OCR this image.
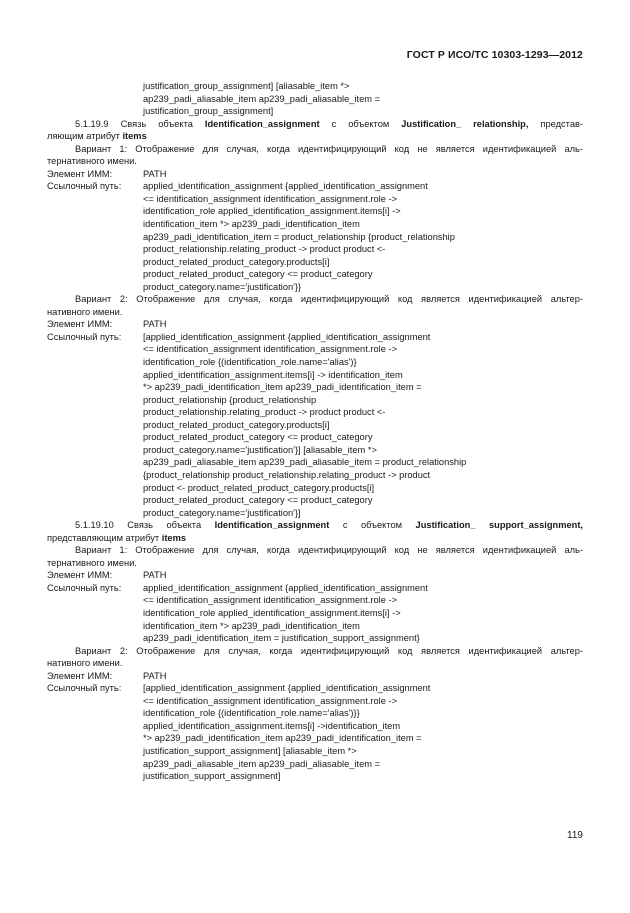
ГОСТ Р ИСО/ТС 10303-1293—2012
justification_group_assignment] [aliasable_item *>
ap239_padi_aliasable_item ap239_padi_aliasable_item =
justification_group_assignment]
5.1.19.9 Связь объекта Identification_assignment с объектом Justification_ relationship, представ-
ляющим атрибут items
Вариант 1: Отображение для случая, когда идентифицирующий код не является идентификацией аль-
тернативного имени.
Элемент ИММ:	PATH
Ссылочный путь:	applied_identification_assignment {applied_identification_assignment
<= identification_assignment identification_assignment.role ->
identification_role applied_identification_assignment.items[i] ->
identification_item *> ap239_padi_identification_item
ap239_padi_identification_item = product_relationship {product_relationship
product_relationship.relating_product -> product product <-
product_related_product_category.products[i]
product_related_product_category <= product_category
product_category.name='justification'}}
Вариант 2: Отображение для случая, когда идентифицирующий код является идентификацией альтер-
нативного имени.
Элемент ИММ:	PATH
Ссылочный путь:	[applied_identification_assignment {applied_identification_assignment
<= identification_assignment identification_assignment.role ->
identification_role {(identification_role.name='alias')}
applied_identification_assignment.items[i] -> identification_item
*> ap239_padi_identification_item ap239_padi_identification_item =
product_relationship {product_relationship
product_relationship.relating_product -> product product <-
product_related_product_category.products[i]
product_related_product_category <= product_category
product_category.name='justification'}] [aliasable_item *>
ap239_padi_aliasable_item ap239_padi_aliasable_item = product_relationship
{product_relationship product_relationship.relating_product -> product
product <- product_related_product_category.products[i]
product_related_product_category <= product_category
product_category.name='justification'}]
5.1.19.10 Связь объекта Identification_assignment с объектом Justification_ support_assignment,
представляющим атрибут items
Вариант 1: Отображение для случая, когда идентифицирующий код не является идентификацией аль-
тернативного имени.
Элемент ИММ:	PATH
Ссылочный путь:	applied_identification_assignment {applied_identification_assignment
<= identification_assignment identification_assignment.role ->
identification_role applied_identification_assignment.items[i] ->
identification_item *> ap239_padi_identification_item
ap239_padi_identification_item = justification_support_assignment}
Вариант 2: Отображение для случая, когда идентифицирующий код является идентификацией альтер-
нативного имени.
Элемент ИММ:	PATH
Ссылочный путь:	[applied_identification_assignment {applied_identification_assignment
<= identification_assignment identification_assignment.role ->
identification_role {(identification_role.name='alias')}}
applied_identification_assignment.items[i] ->identification_item
*> ap239_padi_identification_item ap239_padi_identification_item =
justification_support_assignment] [aliasable_item *>
ap239_padi_aliasable_item ap239_padi_aliasable_item =
justification_support_assignment]
119
